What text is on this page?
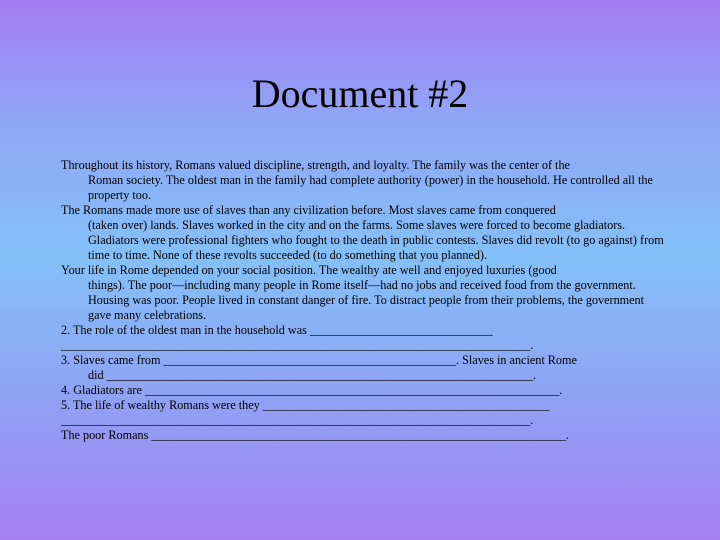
Document #2

Throughout its history, Romans valued discipline, strength, and loyalty. The family was the center of the
Roman society. The oldest man in the family had complete authority (power) in the household. He controlled all the property too.

The Romans made more use of slaves than any civilization before. Most slaves came from conquered
(taken over) lands. Slaves worked in the city and on the farms. Some slaves were forced to become gladiators. Gladiators were professional fighters who fought to the death in public contests. Slaves did revolt (to go against) from time to time. None of these revolts succeeded (to do something that you planned).

Your life in Rome depended on your social position. The wealthy ate well and enjoyed luxuries (good
things). The poor—including many people in Rome itself—had no jobs and received food from the government. Housing was poor. People lived in constant danger of fire. To distract people from their problems, the government gave many celebrations.

2. The role of the oldest man in the household was ______________________________
_____________________________________________________________________________.
3. Slaves came from ________________________________________________. Slaves in ancient Rome
did ______________________________________________________________________.
4. Gladiators are ____________________________________________________________________.
5. The life of wealthy Romans were they _______________________________________________
_____________________________________________________________________________.
The poor Romans ____________________________________________________________________.
